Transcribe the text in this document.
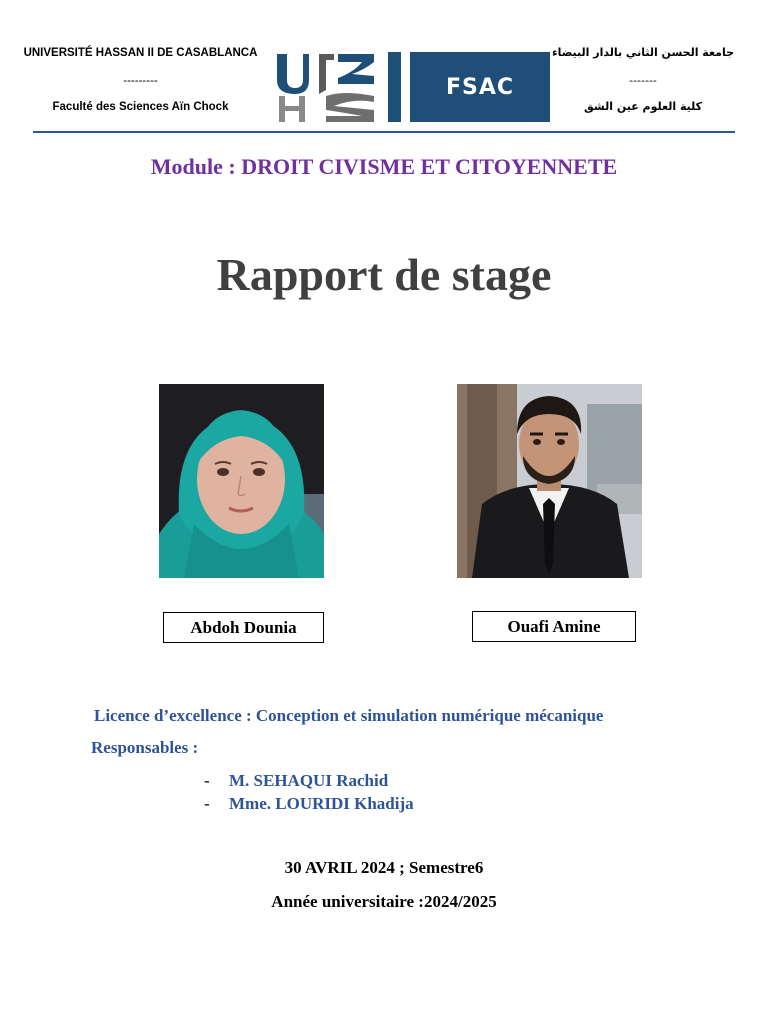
UNIVERSITÉ HASSAN II DE CASABLANCA
---------
Faculté des Sciences Aïn Chock
FSAC
جامعة الحسن الثاني بالدار البيضاء
-------
كلية العلوم عين الشق
Module : DROIT CIVISME ET CITOYENNETE
Rapport de stage
Abdoh Dounia	Ouafi Amine
Licence d’excellence : Conception et simulation numérique mécanique
Responsables :
- M. SEHAQUI Rachid
- Mme. LOURIDI Khadija
30 AVRIL 2024 ; Semestre6
Année universitaire :2024/2025
